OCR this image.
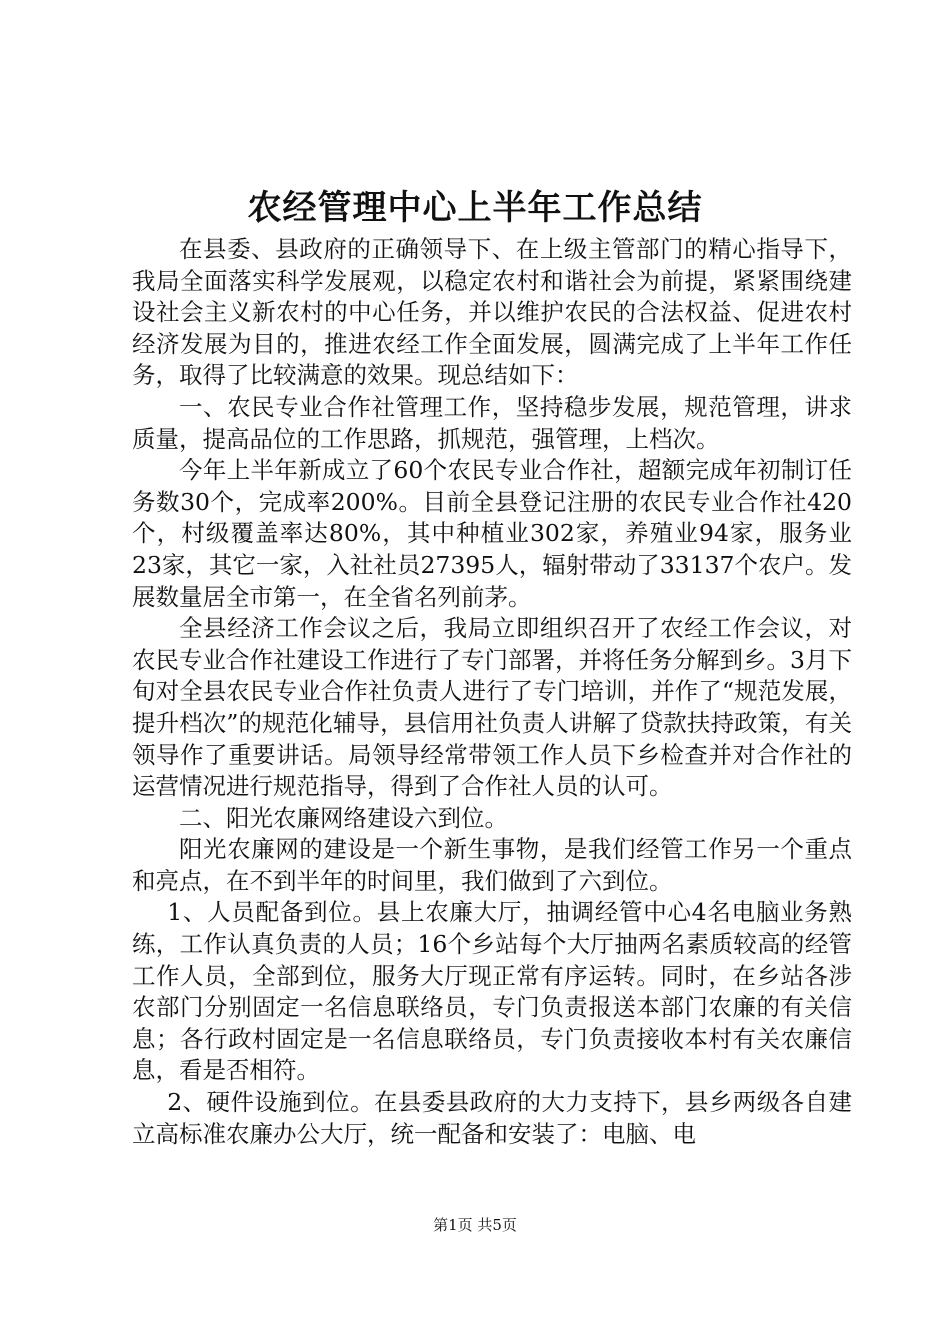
农经管理中心上半年工作总结

在县委、县政府的正确领导下、在上级主管部门的精心指导下，我局全面落实科学发展观，以稳定农村和谐社会为前提，紧紧围绕建设社会主义新农村的中心任务，并以维护农民的合法权益、促进农村经济发展为目的，推进农经工作全面发展，圆满完成了上半年工作任务，取得了比较满意的效果。现总结如下：

一、农民专业合作社管理工作，坚持稳步发展，规范管理，讲求质量，提高品位的工作思路，抓规范，强管理，上档次。

今年上半年新成立了60个农民专业合作社，超额完成年初制订任务数30个，完成率200%。目前全县登记注册的农民专业合作社420个，村级覆盖率达80%，其中种植业302家，养殖业94家，服务业23家，其它一家，入社社员27395人，辐射带动了33137个农户。发展数量居全市第一，在全省名列前茅。

全县经济工作会议之后，我局立即组织召开了农经工作会议，对农民专业合作社建设工作进行了专门部署，并将任务分解到乡。3月下旬对全县农民专业合作社负责人进行了专门培训，并作了“规范发展，提升档次”的规范化辅导，县信用社负责人讲解了贷款扶持政策，有关领导作了重要讲话。局领导经常带领工作人员下乡检查并对合作社的运营情况进行规范指导，得到了合作社人员的认可。

二、阳光农廉网络建设六到位。

阳光农廉网的建设是一个新生事物，是我们经管工作另一个重点和亮点，在不到半年的时间里，我们做到了六到位。

1、人员配备到位。县上农廉大厅，抽调经管中心4名电脑业务熟练，工作认真负责的人员；16个乡站每个大厅抽两名素质较高的经管工作人员，全部到位，服务大厅现正常有序运转。同时，在乡站各涉农部门分别固定一名信息联络员，专门负责报送本部门农廉的有关信息；各行政村固定是一名信息联络员，专门负责接收本村有关农廉信息，看是否相符。

2、硬件设施到位。在县委县政府的大力支持下，县乡两级各自建立高标准农廉办公大厅，统一配备和安装了：电脑、电

第1页 共5页
